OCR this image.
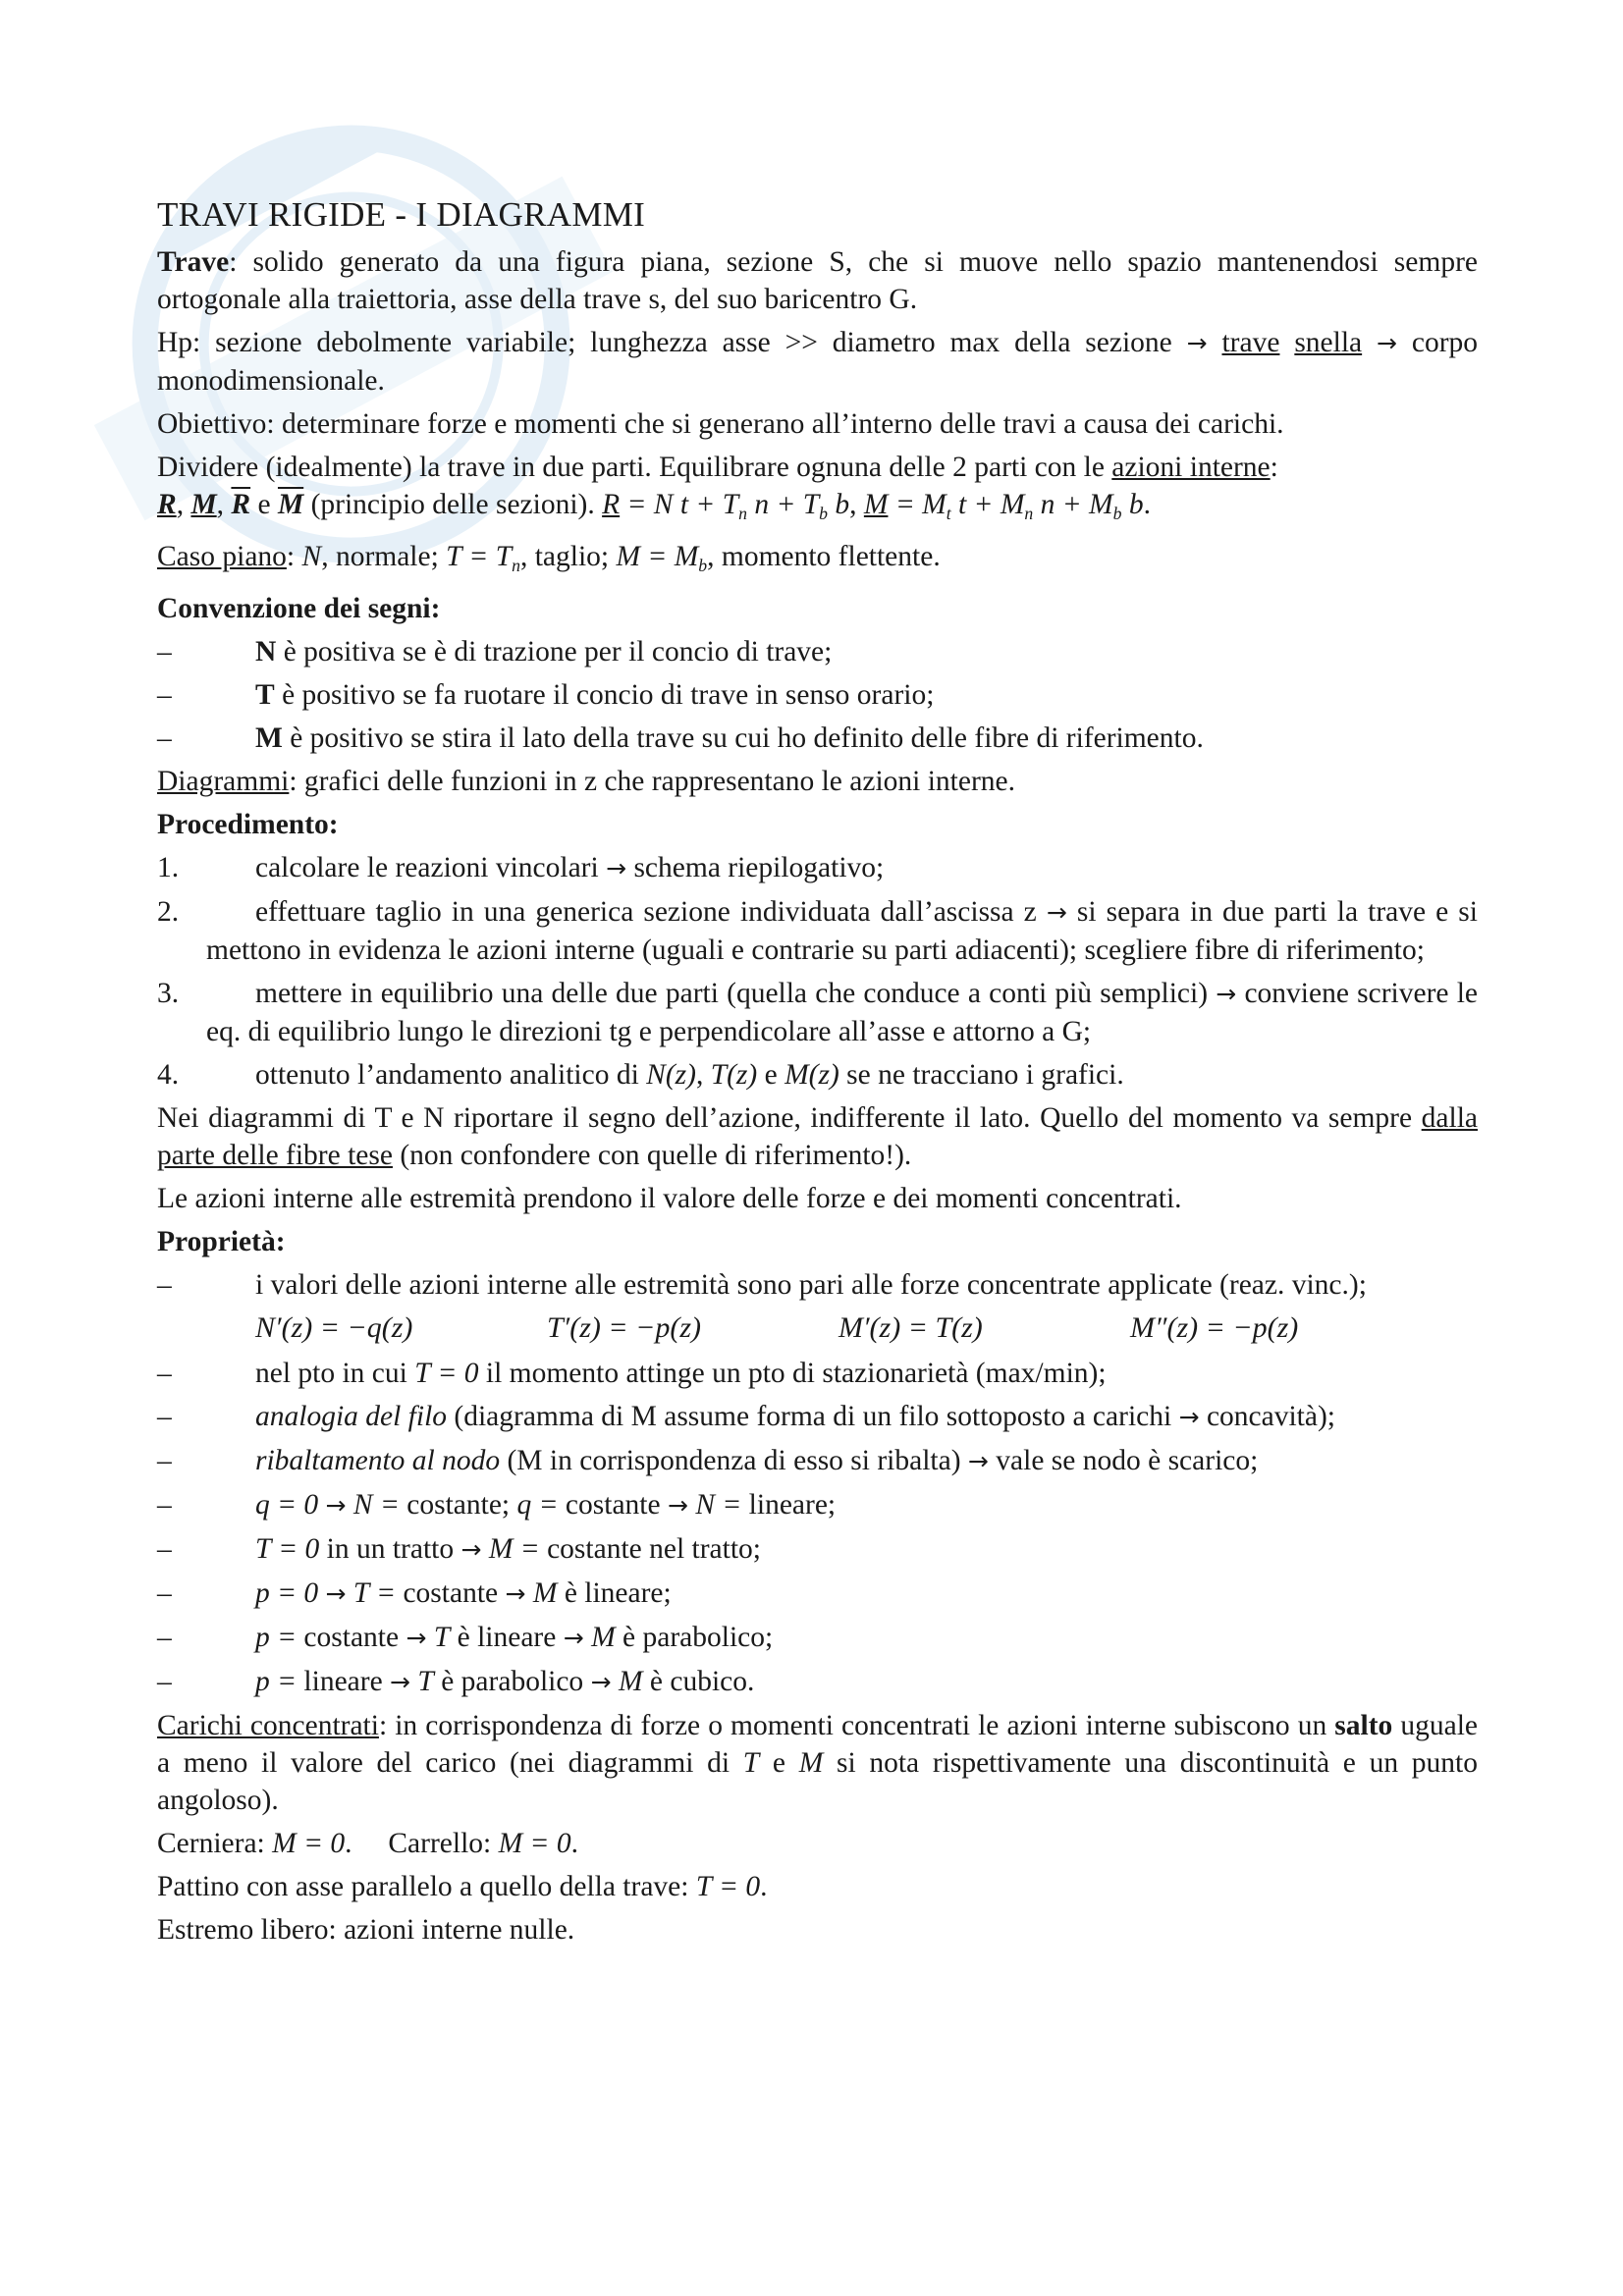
TRAVI RIGIDE - I DIAGRAMMI

Trave: solido generato da una figura piana, sezione S, che si muove nello spazio mantenendosi sempre ortogonale alla traiettoria, asse della trave s, del suo baricentro G.

Hp: sezione debolmente variabile; lunghezza asse >> diametro max della sezione → trave snella → corpo monodimensionale.

Obiettivo: determinare forze e momenti che si generano all’interno delle travi a causa dei carichi.

Dividere (idealmente) la trave in due parti. Equilibrare ognuna delle 2 parti con le azioni interne:
R, M, $\overline{R}$ e $\overline{M}$ (principio delle sezioni). R = N $t + T_n$ $n + T_b$ b, $M = M_t$ $t + M_n$ $n + M_b$ b.

Caso piano: N, normale; $T = T_n$, taglio; $M = M_b$, momento flettente.

Convenzione dei segni:

–	N è positiva se è di trazione per il concio di trave;
–	T è positivo se fa ruotare il concio di trave in senso orario;
–	M è positivo se stira il lato della trave su cui ho definito delle fibre di riferimento.

Diagrammi: grafici delle funzioni in z che rappresentano le azioni interne.

Procedimento:

1.	calcolare le reazioni vincolari → schema riepilogativo;
2.	effettuare taglio in una generica sezione individuata dall’ascissa z → si separa in due parti la trave e si mettono in evidenza le azioni interne (uguali e contrarie su parti adiacenti); scegliere fibre di riferimento;
3.	mettere in equilibrio una delle due parti (quella che conduce a conti più semplici) → conviene scrivere le eq. di equilibrio lungo le direzioni tg e perpendicolare all’asse e attorno a G;
4.	ottenuto l’andamento analitico di N(z), T(z) e M(z) se ne tracciano i grafici.

Nei diagrammi di T e N riportare il segno dell’azione, indifferente il lato. Quello del momento va sempre dalla parte delle fibre tese (non confondere con quelle di riferimento!).

Le azioni interne alle estremità prendono il valore delle forze e dei momenti concentrati.

Proprietà:

–	i valori delle azioni interne alle estremità sono pari alle forze concentrate applicate (reaz. vinc.);
N′(z) = −q(z)	T′(z) = −p(z)	M′(z) = T(z)	M″(z) = −p(z)
–	nel pto in cui T = 0 il momento attinge un pto di stazionarietà (max/min);
–	analogia del filo (diagramma di M assume forma di un filo sottoposto a carichi → concavità);
–	ribaltamento al nodo (M in corrispondenza di esso si ribalta) → vale se nodo è scarico;
–	q = 0 → N = costante; q = costante → N = lineare;
–	T = 0 in un tratto → M = costante nel tratto;
–	p = 0 → T = costante → M è lineare;
–	p = costante → T è lineare → M è parabolico;
–	p = lineare → T è parabolico → M è cubico.

Carichi concentrati: in corrispondenza di forze o momenti concentrati le azioni interne subiscono un salto uguale a meno il valore del carico (nei diagrammi di T e M si nota rispettivamente una discontinuità e un punto angoloso).

Cerniera: M = 0.     Carrello: M = 0.

Pattino con asse parallelo a quello della trave: T = 0.

Estremo libero: azioni interne nulle.
